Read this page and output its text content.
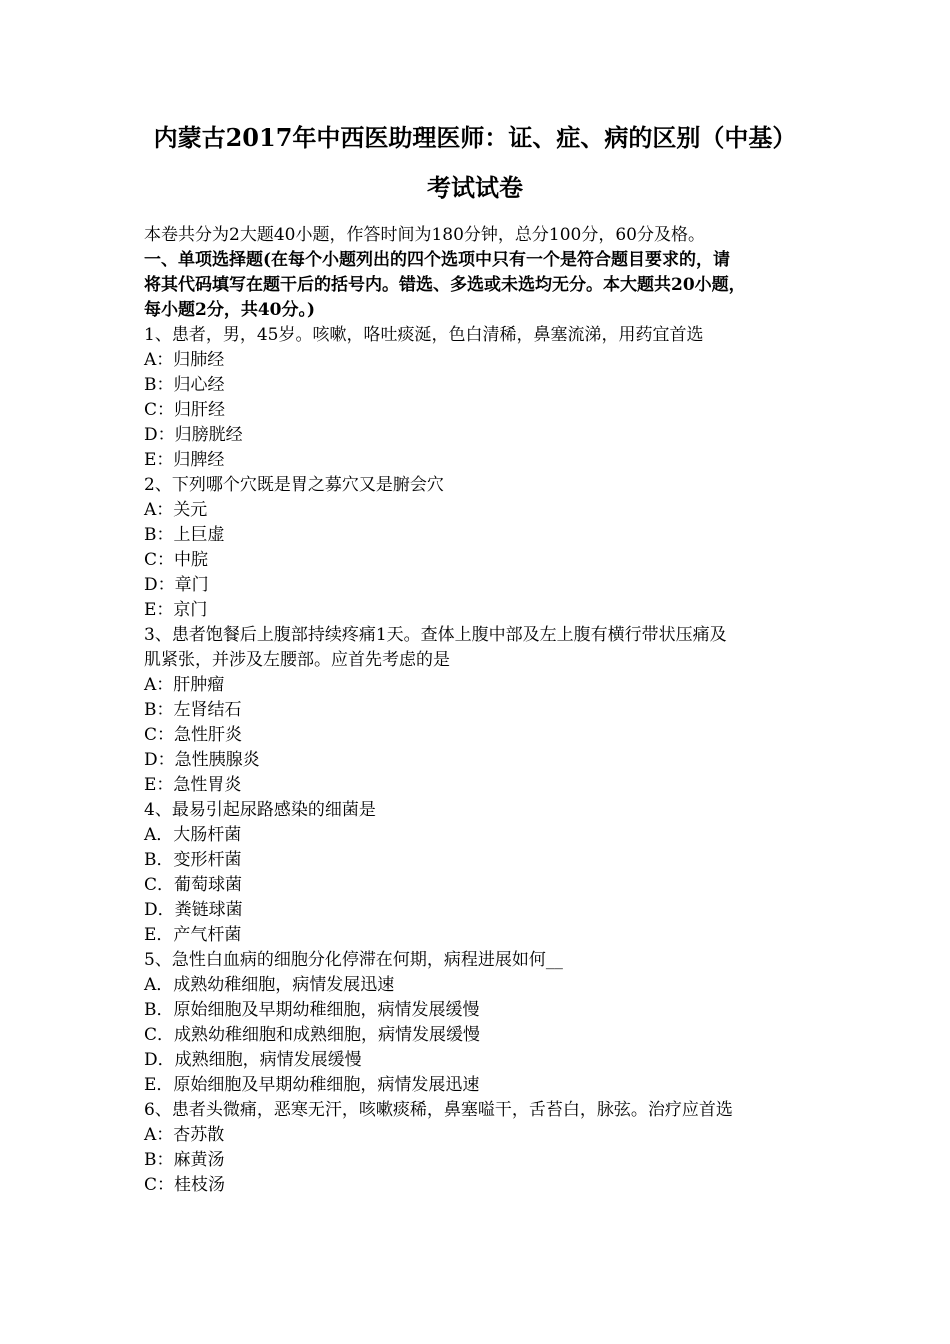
内蒙古2017年中西医助理医师：证、症、病的区别（中基）
考试试卷
本卷共分为2大题40小题，作答时间为180分钟，总分100分，60分及格。
一、单项选择题(在每个小题列出的四个选项中只有一个是符合题目要求的，请
将其代码填写在题干后的括号内。错选、多选或未选均无分。本大题共20小题，
每小题2分，共40分。)
1、患者，男，45岁。咳嗽，咯吐痰涎，色白清稀，鼻塞流涕，用药宜首选
A：归肺经
B：归心经
C：归肝经
D：归膀胱经
E：归脾经
2、下列哪个穴既是胃之募穴又是腑会穴
A：关元
B：上巨虚
C：中脘
D：章门
E：京门
3、患者饱餐后上腹部持续疼痛1天。查体上腹中部及左上腹有横行带状压痛及
肌紧张，并涉及左腰部。应首先考虑的是
A：肝肿瘤
B：左肾结石
C：急性肝炎
D：急性胰腺炎
E：急性胃炎
4、最易引起尿路感染的细菌是
A．大肠杆菌
B．变形杆菌
C．葡萄球菌
D．粪链球菌
E．产气杆菌
5、急性白血病的细胞分化停滞在何期，病程进展如何__
A．成熟幼稚细胞，病情发展迅速
B．原始细胞及早期幼稚细胞，病情发展缓慢
C．成熟幼稚细胞和成熟细胞，病情发展缓慢
D．成熟细胞，病情发展缓慢
E．原始细胞及早期幼稚细胞，病情发展迅速
6、患者头微痛，恶寒无汗，咳嗽痰稀，鼻塞嗌干，舌苔白，脉弦。治疗应首选
A：杏苏散
B：麻黄汤
C：桂枝汤
